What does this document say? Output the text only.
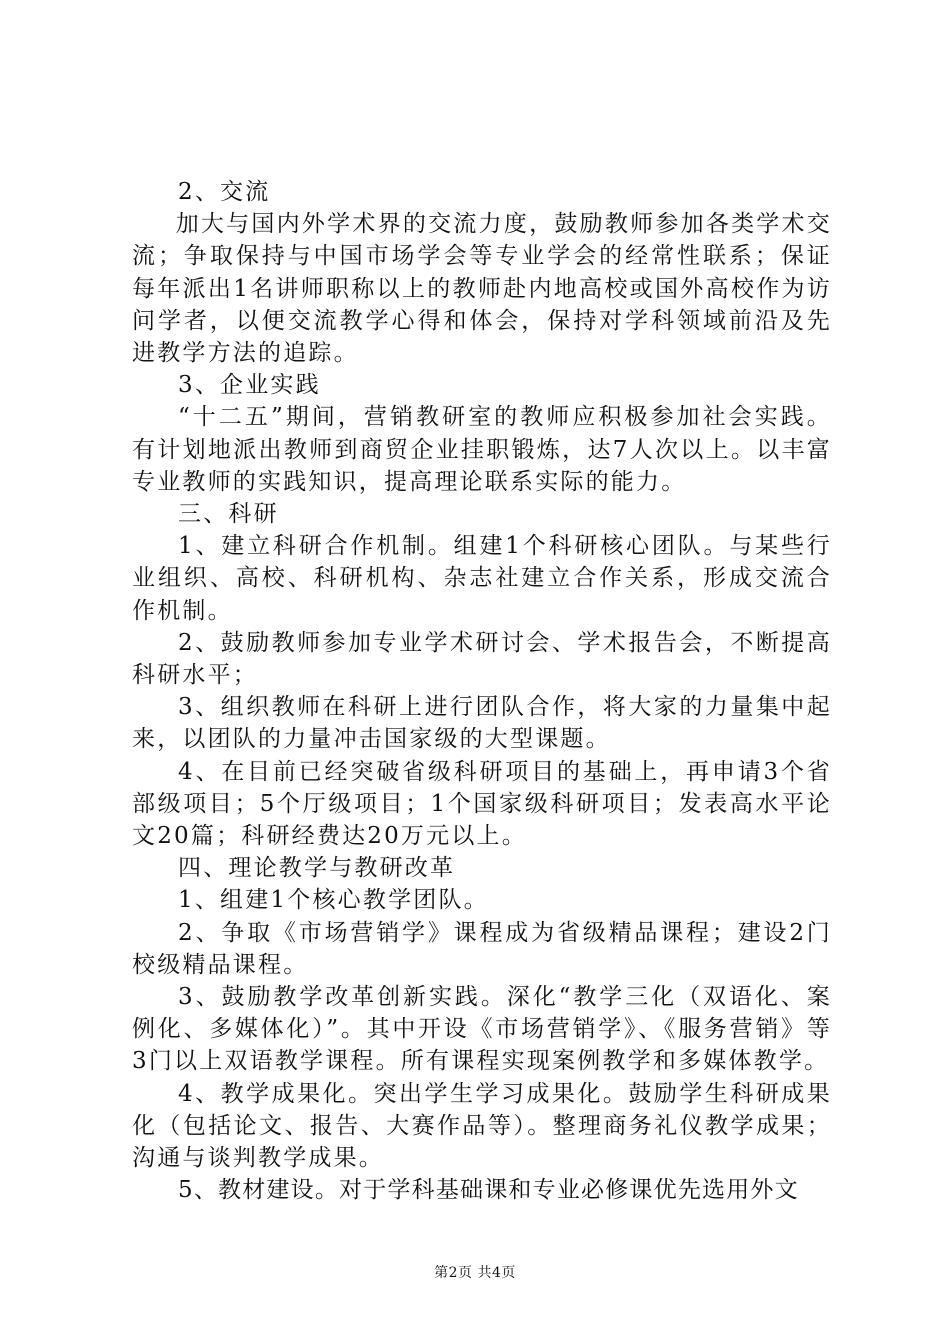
2、交流

加大与国内外学术界的交流力度，鼓励教师参加各类学术交流；争取保持与中国市场学会等专业学会的经常性联系；保证每年派出1名讲师职称以上的教师赴内地高校或国外高校作为访问学者，以便交流教学心得和体会，保持对学科领域前沿及先进教学方法的追踪。

3、企业实践

“十二五”期间，营销教研室的教师应积极参加社会实践。有计划地派出教师到商贸企业挂职锻炼，达7人次以上。以丰富专业教师的实践知识，提高理论联系实际的能力。

三、科研

1、建立科研合作机制。组建1个科研核心团队。与某些行业组织、高校、科研机构、杂志社建立合作关系，形成交流合作机制。

2、鼓励教师参加专业学术研讨会、学术报告会，不断提高科研水平；

3、组织教师在科研上进行团队合作，将大家的力量集中起来，以团队的力量冲击国家级的大型课题。

4、在目前已经突破省级科研项目的基础上，再申请3个省部级项目；5个厅级项目；1个国家级科研项目；发表高水平论文20篇；科研经费达20万元以上。

四、理论教学与教研改革

1、组建1个核心教学团队。

2、争取《市场营销学》课程成为省级精品课程；建设2门校级精品课程。

3、鼓励教学改革创新实践。深化“教学三化（双语化、案例化、多媒体化）”。其中开设《市场营销学》、《服务营销》等3门以上双语教学课程。所有课程实现案例教学和多媒体教学。

4、教学成果化。突出学生学习成果化。鼓励学生科研成果化（包括论文、报告、大赛作品等）。整理商务礼仪教学成果；沟通与谈判教学成果。

5、教材建设。对于学科基础课和专业必修课优先选用外文

第2页 共4页
